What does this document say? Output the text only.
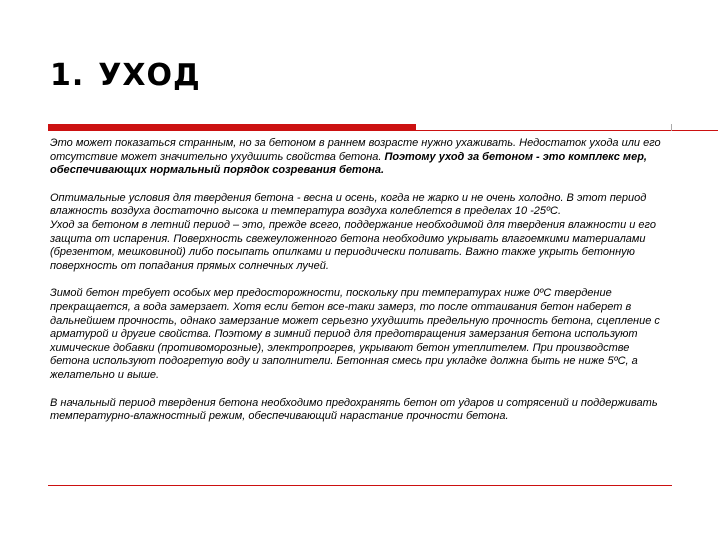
1. УХОД

Это может показаться странным, но за бетоном в раннем возрасте нужно ухаживать. Недостаток ухода или его отсутствие может значительно ухудшить свойства бетона. Поэтому уход за бетоном - это комплекс мер, обеспечивающих нормальный порядок созревания бетона.

Оптимальные условия для твердения бетона - весна и осень, когда не жарко и не очень холодно. В этот период влажность воздуха достаточно высока и температура воздуха колеблется в пределах 10 -25ºС.
Уход за бетоном в летний период – это, прежде всего, поддержание необходимой для твердения влажности и его защита от испарения. Поверхность свежеуложенного бетона необходимо укрывать влагоемкими материалами (брезентом, мешковиной) либо посыпать опилками и периодически поливать. Важно также укрыть бетонную поверхность от попадания прямых солнечных лучей.

Зимой бетон требует особых мер предосторожности, поскольку при температурах ниже 0ºС твердение прекращается, а вода замерзает. Хотя если бетон все-таки замерз, то после оттаивания бетон наберет в дальнейшем прочность, однако замерзание может серьезно ухудшить предельную прочность бетона, сцепление с арматурой и другие свойства. Поэтому в зимний период для предотвращения замерзания бетона используют химические добавки (противоморозные), электропрогрев, укрывают бетон утеплителем. При производстве бетона используют подогретую воду и заполнители. Бетонная смесь при укладке должна быть не ниже 5ºС, а желательно и выше.

В начальный период твердения бетона необходимо предохранять бетон от ударов и сотрясений и поддерживать температурно-влажностный режим, обеспечивающий нарастание прочности бетона.
